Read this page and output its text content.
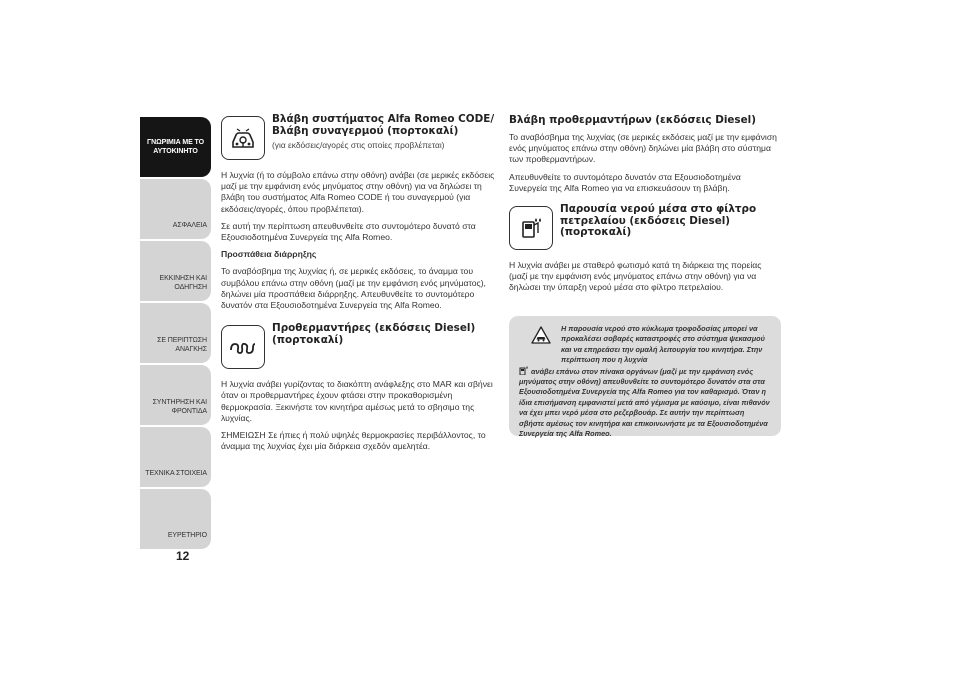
ΓΝΩΡΙΜΙΑ ΜΕ ΤΟ ΑΥΤΟΚΙΝΗΤΟ
ΑΣΦΑΛΕΙΑ
ΕΚΚΙΝΗΣΗ ΚΑΙ ΟΔΗΓΗΣΗ
ΣΕ ΠΕΡΙΠΤΩΣΗ ΑΝΑΓΚΗΣ
ΣΥΝΤΗΡΗΣΗ ΚΑΙ ΦΡΟΝΤΙΔΑ
ΤΕΧΝΙΚΑ ΣΤΟΙΧΕΙΑ
ΕΥΡΕΤΗΡΙΟ
12
Βλάβη συστήματος Alfa Romeo CODE/Βλάβη συναγερμού (πορτοκαλί)
(για εκδόσεις/αγορές στις οποίες προβλέπεται)

Η λυχνία (ή το σύμβολο επάνω στην οθόνη) ανάβει (σε μερικές εκδόσεις μαζί με την εμφάνιση ενός μηνύματος στην οθόνη) για να δηλώσει τη βλάβη του συστήματος Alfa Romeo CODE ή του συναγερμού (για εκδόσεις/αγορές, όπου προβλέπεται).

Σε αυτή την περίπτωση απευθυνθείτε στο συντομότερο δυνατό στα Εξουσιοδοτημένα Συνεργεία της Alfa Romeo.

Προσπάθεια διάρρηξης

Το αναβόσβημα της λυχνίας ή, σε μερικές εκδόσεις, το άναμμα του συμβόλου επάνω στην οθόνη (μαζί με την εμφάνιση ενός μηνύματος), δηλώνει μία προσπάθεια διάρρηξης. Απευθυνθείτε το συντομότερο δυνατόν στα Εξουσιοδοτημένα Συνεργεία της Alfa Romeo.

Προθερμαντήρες (εκδόσεις Diesel) (πορτοκαλί)

Η λυχνία ανάβει γυρίζοντας το διακόπτη ανάφλεξης στο MAR και σβήνει όταν οι προθερμαντήρες έχουν φτάσει στην προκαθορισμένη θερμοκρασία. Ξεκινήστε τον κινητήρα αμέσως μετά το σβησιμο της λυχνίας.

ΣΗΜΕΙΩΣΗ Σε ήπιες ή πολύ υψηλές θερμοκρασίες περιβάλλοντος, το άναμμα της λυχνίας έχει μία διάρκεια σχεδόν αμελητέα.

Βλάβη προθερμαντήρων (εκδόσεις Diesel)

Το αναβόσβημα της λυχνίας (σε μερικές εκδόσεις μαζί με την εμφάνιση ενός μηνύματος επάνω στην οθόνη) δηλώνει μία βλάβη στο σύστημα των προθερμαντήρων.

Απευθυνθείτε το συντομότερο δυνατόν στα Εξουσιοδοτημένα Συνεργεία της Alfa Romeo για να επισκευάσουν τη βλάβη.

Παρουσία νερού μέσα στο φίλτρο πετρελαίου (εκδόσεις Diesel) (πορτοκαλί)

Η λυχνία ανάβει με σταθερό φωτισμό κατά τη διάρκεια της πορείας (μαζί με την εμφάνιση ενός μηνύματος επάνω στην οθόνη) για να δηλώσει την ύπαρξη νερού μέσα στο φίλτρο πετρελαίου.

Η παρουσία νερού στο κύκλωμα τροφοδοσίας μπορεί να προκαλέσει σοβαρές καταστροφές στο σύστημα ψεκασμού και να επηρεάσει την ομαλή λειτουργία του κινητήρα. Στην περίπτωση που η λυχνία
ανάβει επάνω στον πίνακα οργάνων (μαζί με την εμφάνιση ενός μηνύματος στην οθόνη) απευθυνθείτε το συντομότερο δυνατόν στα στα Εξουσιοδοτημένα Συνεργεία της Alfa Romeo για τον καθαρισμό. Όταν η ίδια επισήμανση εμφανιστεί μετά από γέμισμα με καύσιμο, είναι πιθανόν να έχει μπει νερό μέσα στο ρεζερβουάρ. Σε αυτήν την περίπτωση σβήστε αμέσως τον κινητήρα και επικοινωνήστε με τα Εξουσιοδοτημένα Συνεργεία της Alfa Romeo.
